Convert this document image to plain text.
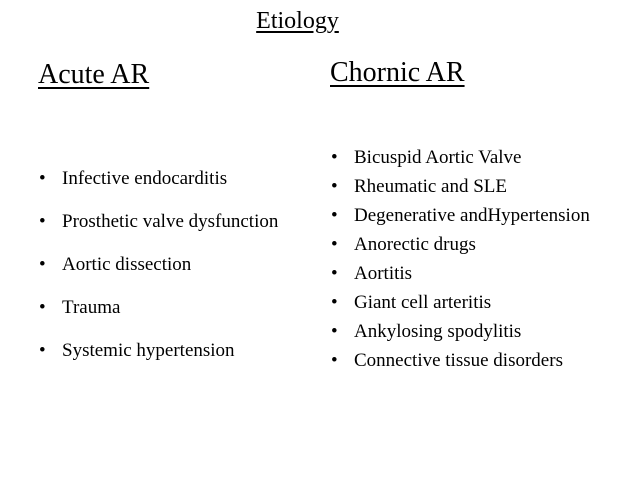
Etiology
Acute AR	Chornic AR
• Infective endocarditis
• Prosthetic valve dysfunction
• Aortic dissection
• Trauma
• Systemic hypertension
• Bicuspid Aortic Valve
• Rheumatic and SLE
• Degenerative andHypertension
• Anorectic drugs
• Aortitis
• Giant cell arteritis
• Ankylosing spodylitis
• Connective tissue disorders
